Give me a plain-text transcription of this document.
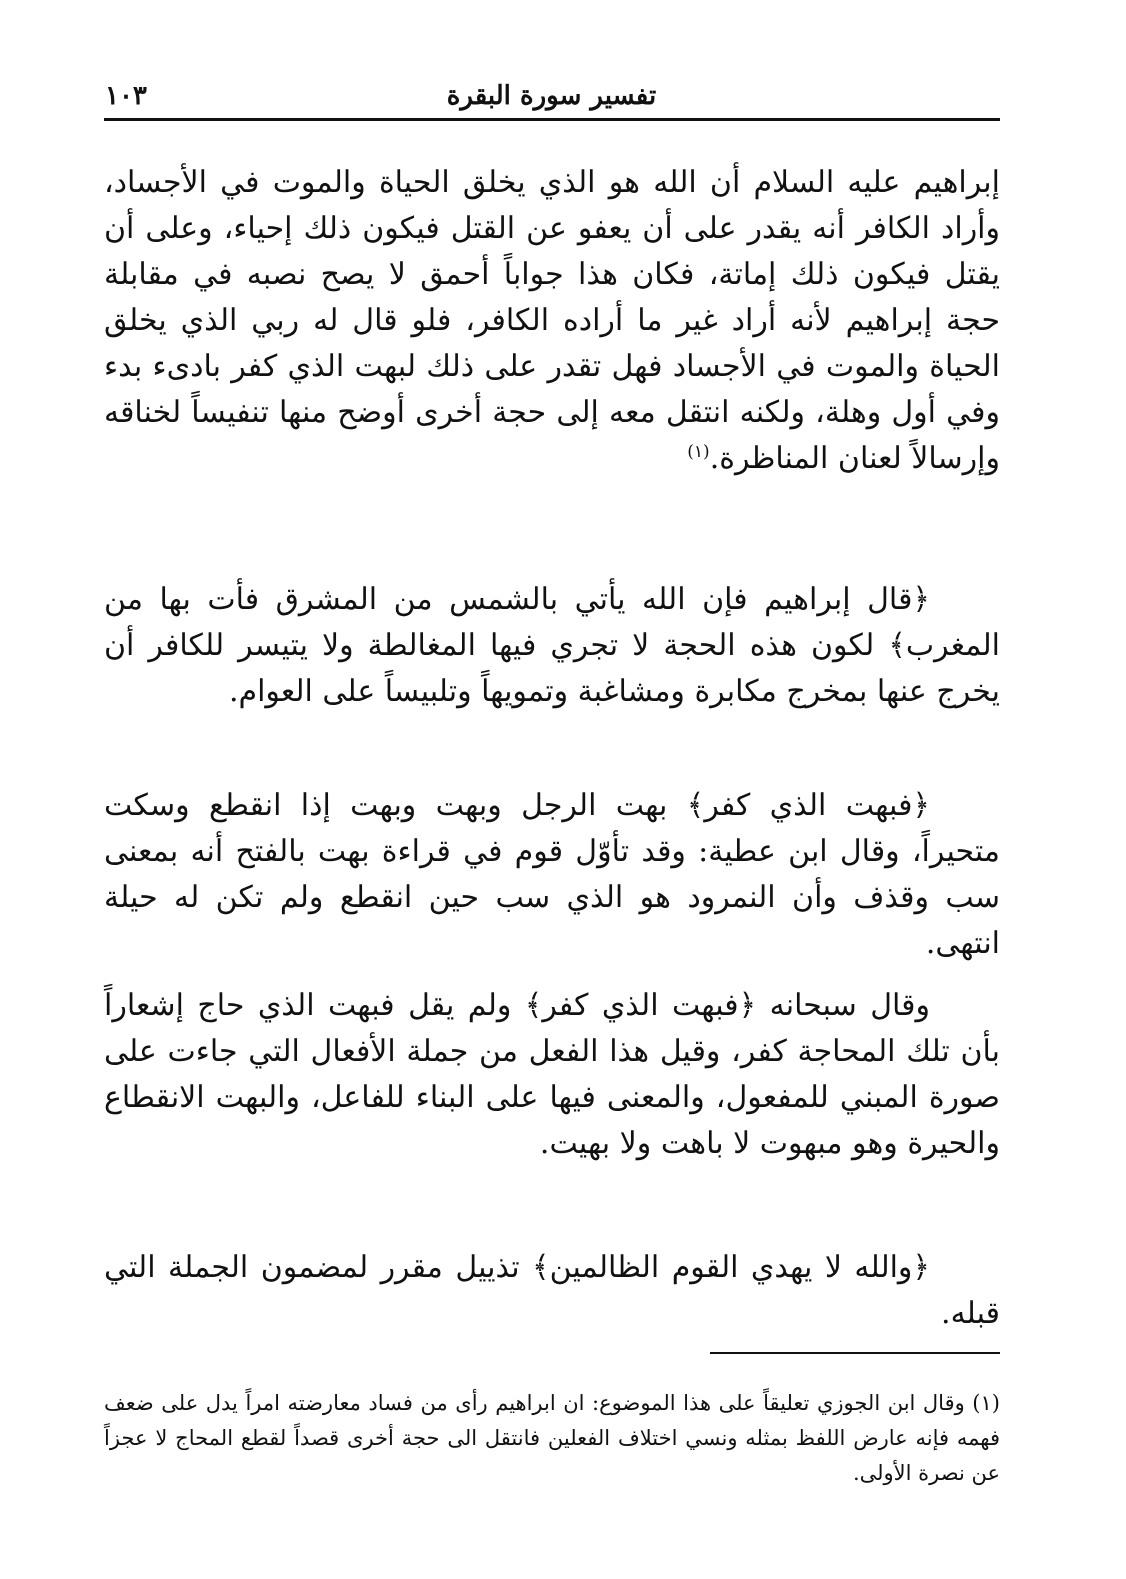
تفسير سورة البقرة
١٠٣

إبراهيم عليه السلام أن الله هو الذي يخلق الحياة والموت في الأجساد، وأراد الكافر أنه يقدر على أن يعفو عن القتل فيكون ذلك إحياء، وعلى أن يقتل فيكون ذلك إماتة، فكان هذا جواباً أحمق لا يصح نصبه في مقابلة حجة إبراهيم لأنه أراد غير ما أراده الكافر، فلو قال له ربي الذي يخلق الحياة والموت في الأجساد فهل تقدر على ذلك لبهت الذي كفر بادىء بدء وفي أول وهلة، ولكنه انتقل معه إلى حجة أخرى أوضح منها تنفيساً لخناقه وإرسالاً لعنان المناظرة.$^{(١)}$

﴿قال إبراهيم فإن الله يأتي بالشمس من المشرق فأت بها من المغرب﴾ لكون هذه الحجة لا تجري فيها المغالطة ولا يتيسر للكافر أن يخرج عنها بمخرج مكابرة ومشاغبة وتمويهاً وتلبيساً على العوام.

﴿فبهت الذي كفر﴾ بهت الرجل وبهت وبهت إذا انقطع وسكت متحيراً، وقال ابن عطية: وقد تأوّل قوم في قراءة بهت بالفتح أنه بمعنى سب وقذف وأن النمرود هو الذي سب حين انقطع ولم تكن له حيلة انتهى.

وقال سبحانه ﴿فبهت الذي كفر﴾ ولم يقل فبهت الذي حاج إشعاراً بأن تلك المحاجة كفر، وقيل هذا الفعل من جملة الأفعال التي جاءت على صورة المبني للمفعول، والمعنى فيها على البناء للفاعل، والبهت الانقطاع والحيرة وهو مبهوت لا باهت ولا بهيت.

﴿والله لا يهدي القوم الظالمين﴾ تذييل مقرر لمضمون الجملة التي قبله.

(١) وقال ابن الجوزي تعليقاً على هذا الموضوع: ان ابراهيم رأى من فساد معارضته امراً يدل على ضعف فهمه فإنه عارض اللفظ بمثله ونسي اختلاف الفعلين فانتقل الى حجة أخرى قصداً لقطع المحاج لا عجزاً عن نصرة الأولى.
